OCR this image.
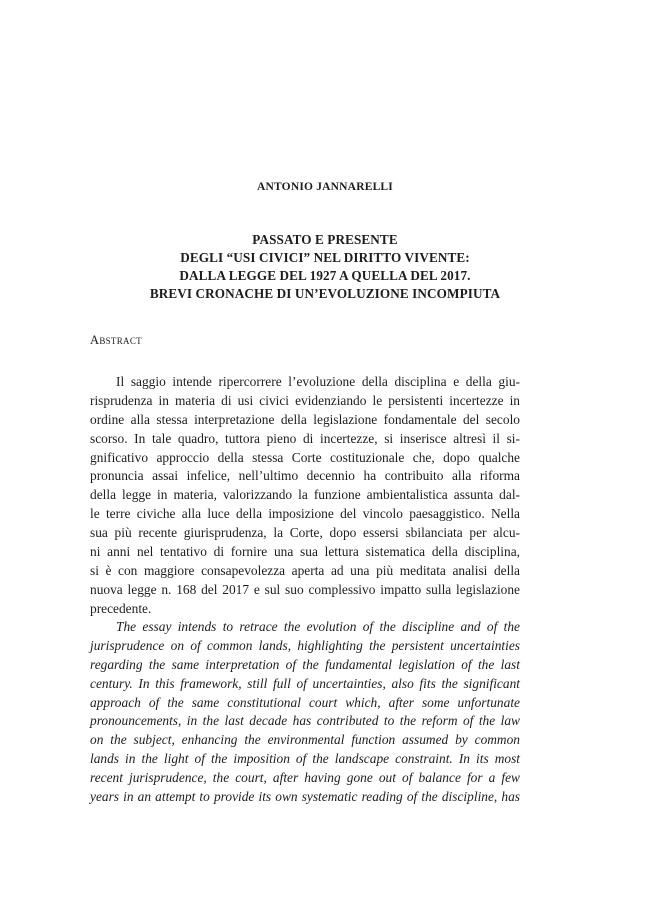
ANTONIO JANNARELLI
PASSATO E PRESENTE
DEGLI “USI CIVICI” NEL DIRITTO VIVENTE:
DALLA LEGGE DEL 1927 A QUELLA DEL 2017.
BREVI CRONACHE DI UN’EVOLUZIONE INCOMPIUTA
Abstract
Il saggio intende ripercorrere l’evoluzione della disciplina e della giu-
risprudenza in materia di usi civici evidenziando le persistenti incertezze in
ordine alla stessa interpretazione della legislazione fondamentale del secolo
scorso. In tale quadro, tuttora pieno di incertezze, si inserisce altresì il si-
gnificativo approccio della stessa Corte costituzionale che, dopo qualche
pronuncia assai infelice, nell’ultimo decennio ha contribuito alla riforma
della legge in materia, valorizzando la funzione ambientalistica assunta dal-
le terre civiche alla luce della imposizione del vincolo paesaggistico. Nella
sua più recente giurisprudenza, la Corte, dopo essersi sbilanciata per alcu-
ni anni nel tentativo di fornire una sua lettura sistematica della disciplina,
si è con maggiore consapevolezza aperta ad una più meditata analisi della
nuova legge n. 168 del 2017 e sul suo complessivo impatto sulla legislazione
precedente.
The essay intends to retrace the evolution of the discipline and of the
jurisprudence on of common lands, highlighting the persistent uncertainties
regarding the same interpretation of the fundamental legislation of the last
century. In this framework, still full of uncertainties, also fits the significant
approach of the same constitutional court which, after some unfortunate
pronouncements, in the last decade has contributed to the reform of the law
on the subject, enhancing the environmental function assumed by common
lands in the light of the imposition of the landscape constraint. In its most
recent jurisprudence, the court, after having gone out of balance for a few
years in an attempt to provide its own systematic reading of the discipline, has
